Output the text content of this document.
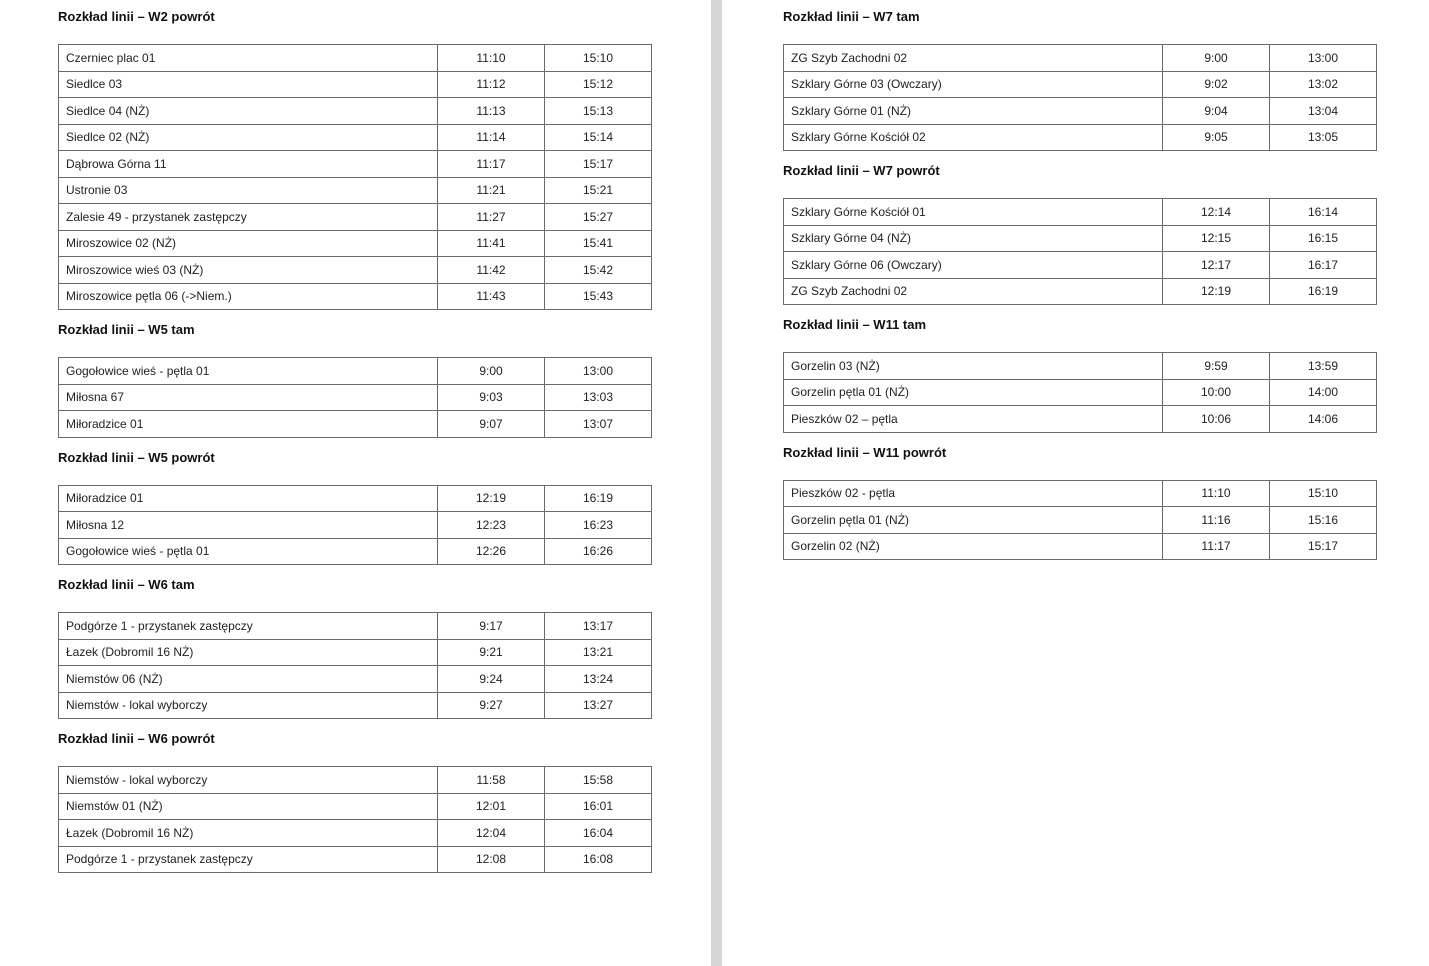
Rozkład linii – W2 powrót
Czerniec plac 01	11:10	15:10
Siedlce 03	11:12	15:12
Siedlce 04 (NŻ)	11:13	15:13
Siedlce 02 (NŻ)	11:14	15:14
Dąbrowa Górna 11	11:17	15:17
Ustronie 03	11:21	15:21
Zalesie 49 - przystanek zastępczy	11:27	15:27
Miroszowice 02 (NŻ)	11:41	15:41
Miroszowice wieś 03 (NŻ)	11:42	15:42
Miroszowice pętla 06 (->Niem.)	11:43	15:43
Rozkład linii – W5 tam
Gogołowice wieś - pętla 01	9:00	13:00
Miłosna 67	9:03	13:03
Miłoradzice 01	9:07	13:07
Rozkład linii – W5 powrót
Miłoradzice 01	12:19	16:19
Miłosna 12	12:23	16:23
Gogołowice wieś - pętla 01	12:26	16:26
Rozkład linii – W6 tam
Podgórze 1 - przystanek zastępczy	9:17	13:17
Łazek (Dobromil 16 NŻ)	9:21	13:21
Niemstów 06 (NŻ)	9:24	13:24
Niemstów - lokal wyborczy	9:27	13:27
Rozkład linii – W6 powrót
Niemstów - lokal wyborczy	11:58	15:58
Niemstów 01 (NŻ)	12:01	16:01
Łazek (Dobromil 16 NŻ)	12:04	16:04
Podgórze 1 - przystanek zastępczy	12:08	16:08
Rozkład linii – W7 tam
ZG Szyb Zachodni 02	9:00	13:00
Szklary Górne 03 (Owczary)	9:02	13:02
Szklary Górne 01 (NŻ)	9:04	13:04
Szklary Górne Kościół 02	9:05	13:05
Rozkład linii – W7 powrót
Szklary Górne Kościół 01	12:14	16:14
Szklary Górne 04 (NŻ)	12:15	16:15
Szklary Górne 06 (Owczary)	12:17	16:17
ZG Szyb Zachodni 02	12:19	16:19
Rozkład linii – W11 tam
Gorzelin 03 (NŻ)	9:59	13:59
Gorzelin pętla 01 (NŻ)	10:00	14:00
Pieszków 02 – pętla	10:06	14:06
Rozkład linii – W11 powrót
Pieszków 02 - pętla	11:10	15:10
Gorzelin pętla 01 (NŻ)	11:16	15:16
Gorzelin 02 (NŻ)	11:17	15:17
